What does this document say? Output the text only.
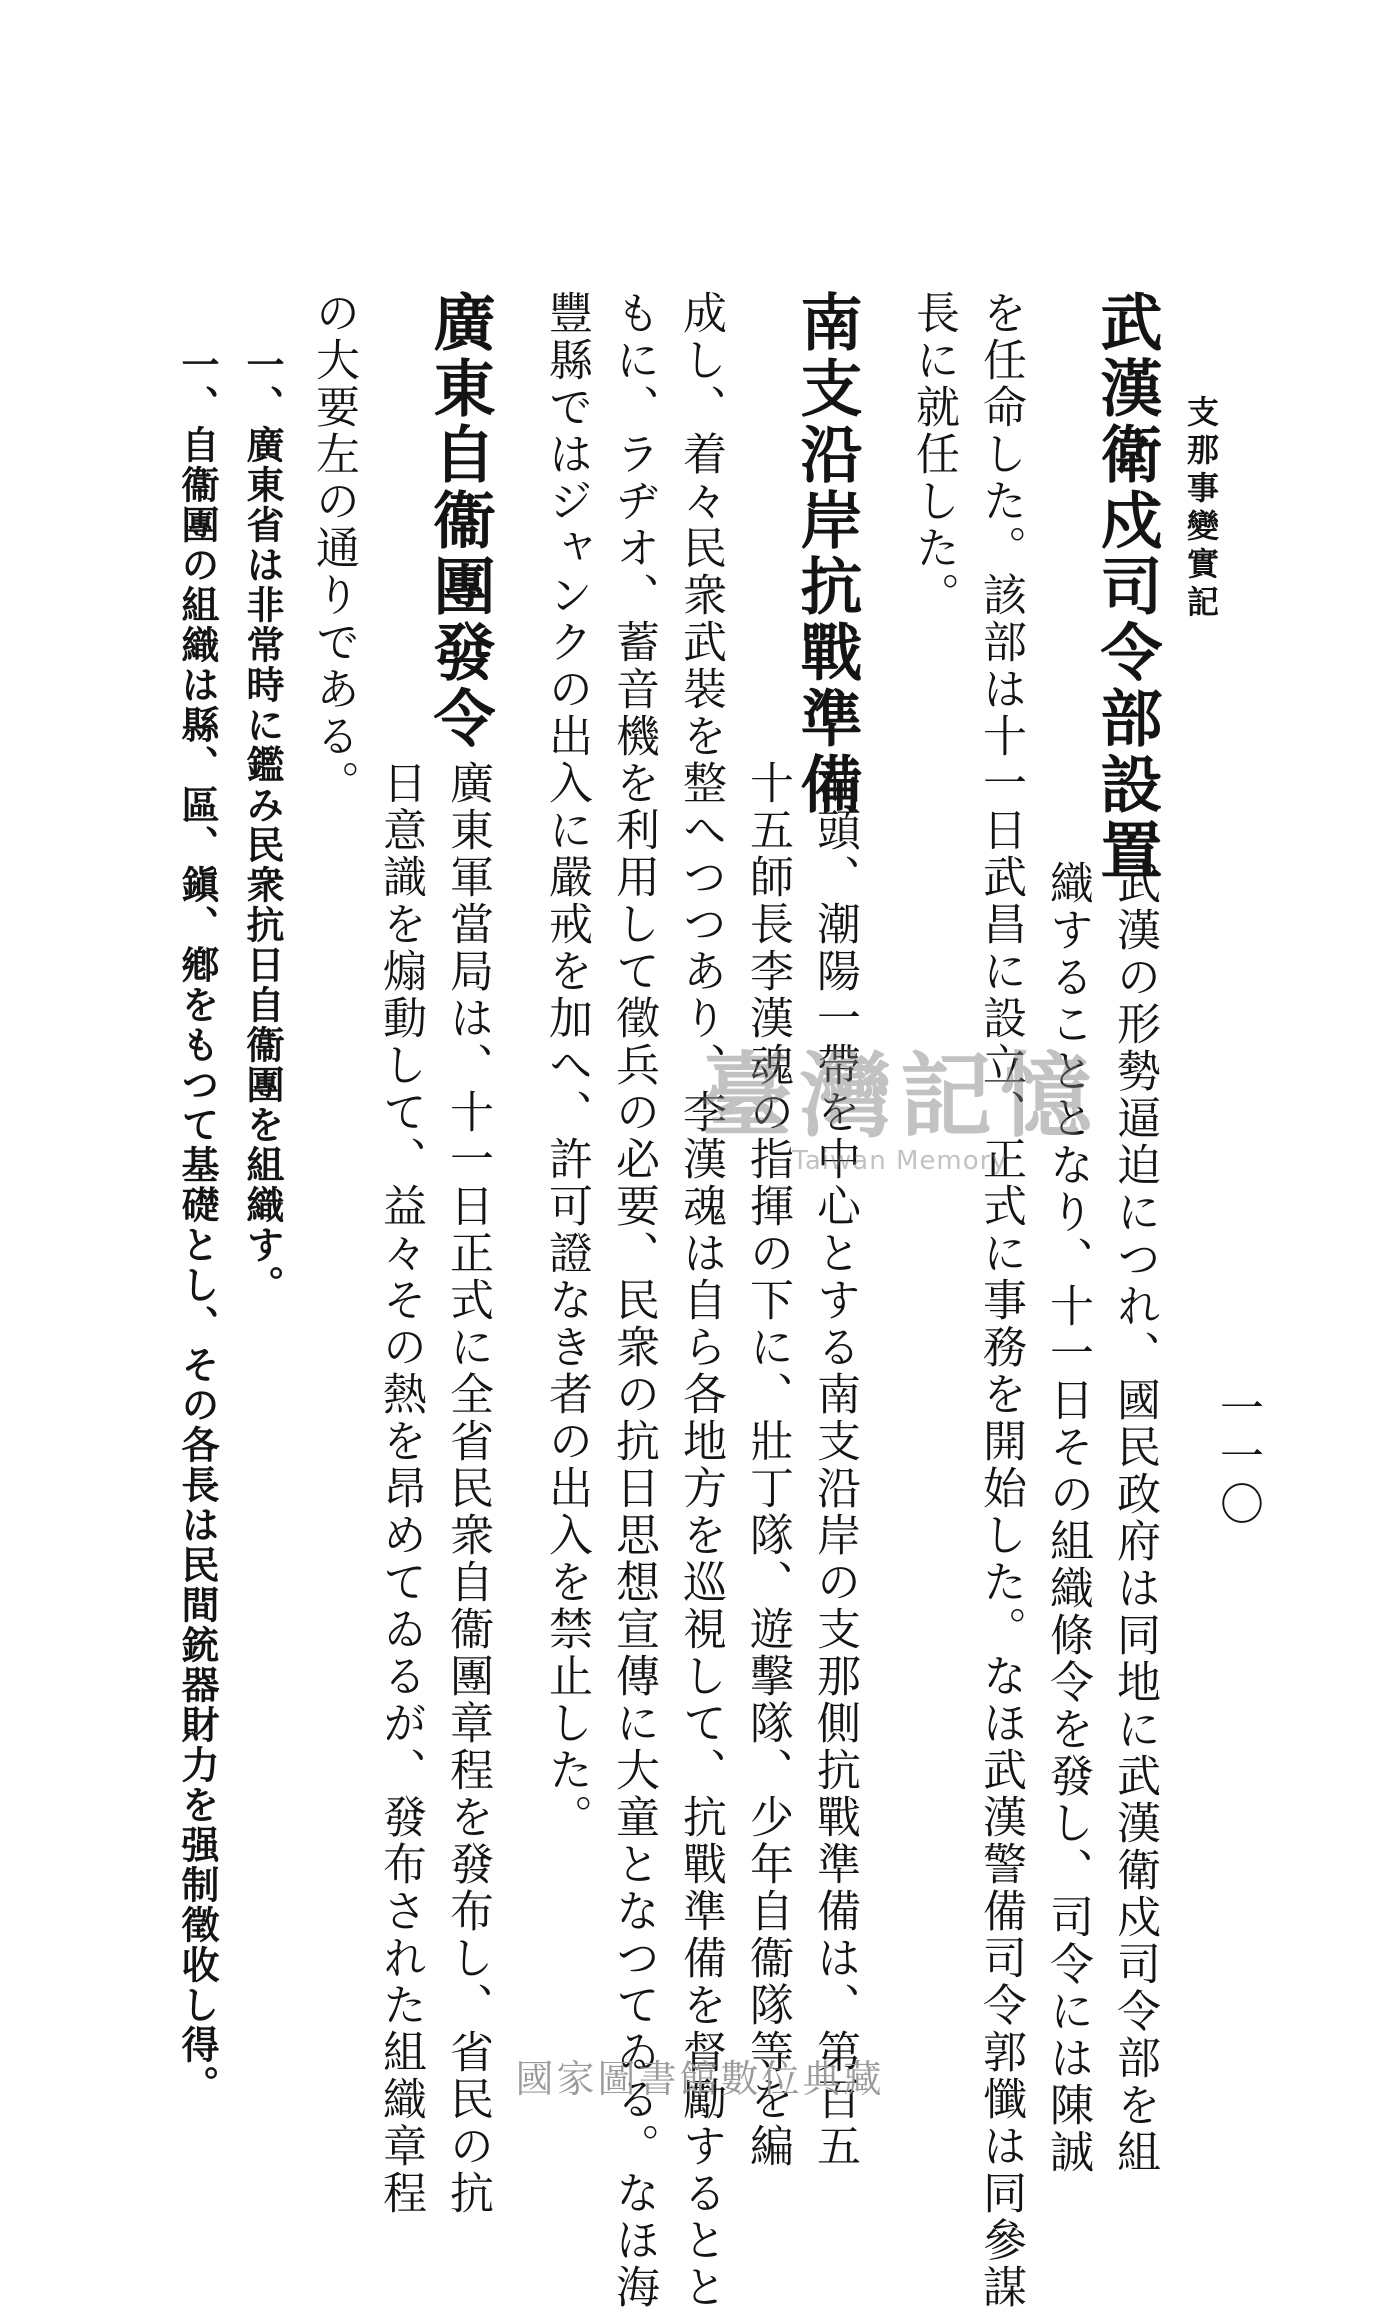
支那事變實記
一一〇
武漢衛戍司令部設置
武漢の形勢逼迫につれ、國民政府は同地に武漢衛戍司令部を組
織することとなり、十一日その組織條令を發し、司令には陳誠
を任命した。該部は十一日武昌に設立、正式に事務を開始した。なほ武漢警備司令郭懺は同參謀
長に就任した。
南支沿岸抗戰準備
汕頭、潮陽一帶を中心とする南支沿岸の支那側抗戰準備は、第百五
十五師長李漢魂の指揮の下に、壯丁隊、遊擊隊、少年自衞隊等を編
成し、着々民衆武裝を整へつつあり、李漢魂は自ら各地方を巡視して、抗戰準備を督勵するとと
もに、ラヂオ、蓄音機を利用して徵兵の必要、民衆の抗日思想宣傳に大童となつてゐる。なほ海
豐縣ではジャンクの出入に嚴戒を加へ、許可證なき者の出入を禁止した。
廣東自衞團發令
廣東軍當局は、十一日正式に全省民衆自衞團章程を發布し、省民の抗
日意識を煽動して、益々その熱を昂めてゐるが、發布された組織章程
の大要左の通りである。
一、廣東省は非常時に鑑み民衆抗日自衞團を組織す。
一、自衞團の組織は縣、區、鎭、鄕をもつて基礎とし、その各長は民間銃器財力を强制徵收し得。	臺灣記憶
Taiwan Memory
國家圖書館數位典藏
